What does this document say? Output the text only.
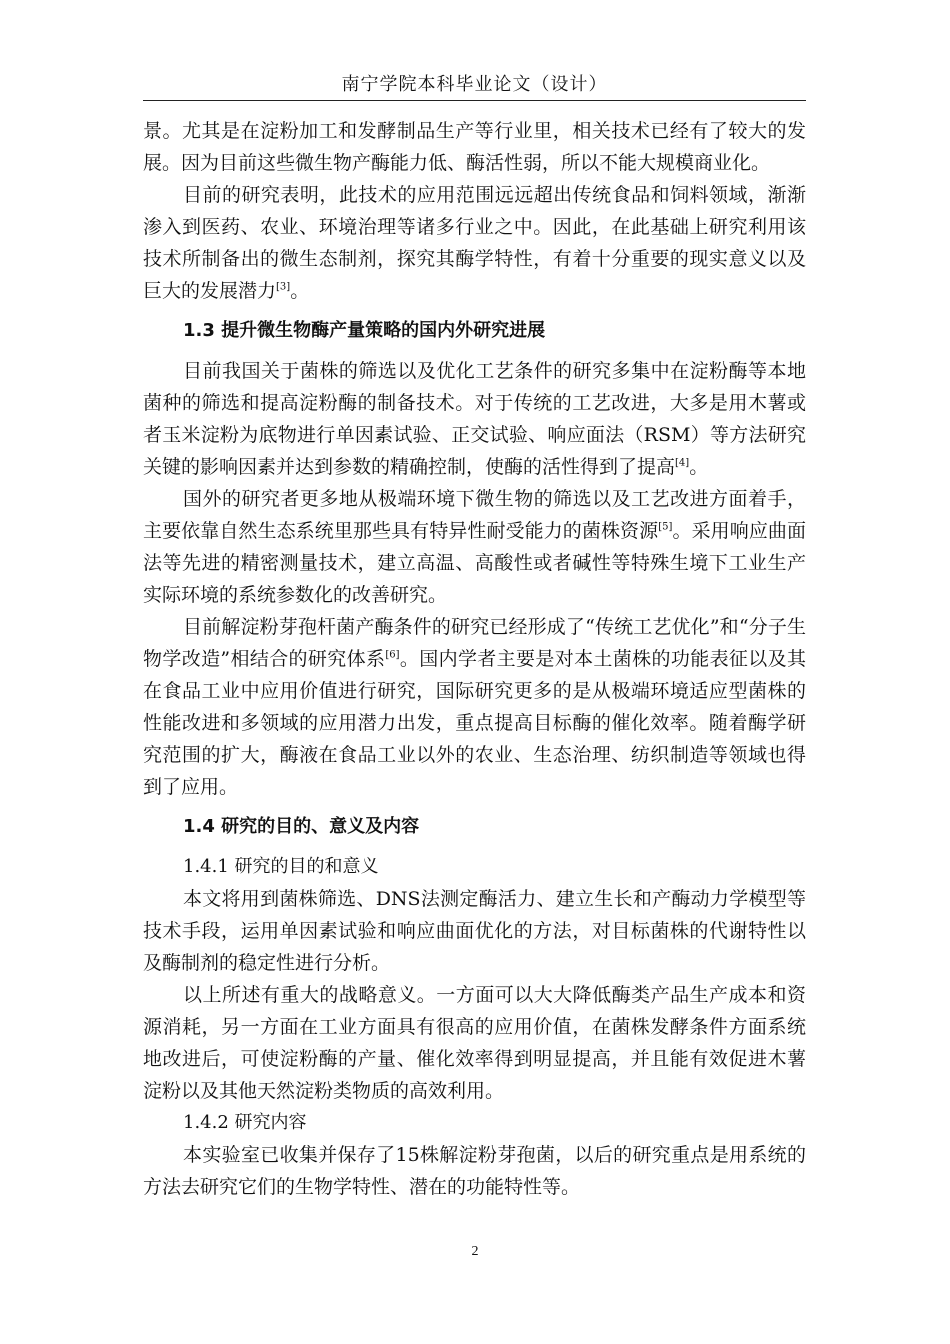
南宁学院本科毕业论文（设计）

景。尤其是在淀粉加工和发酵制品生产等行业里，相关技术已经有了较大的发展。因为目前这些微生物产酶能力低、酶活性弱，所以不能大规模商业化。

目前的研究表明，此技术的应用范围远远超出传统食品和饲料领域，渐渐渗入到医药、农业、环境治理等诸多行业之中。因此，在此基础上研究利用该技术所制备出的微生态制剂，探究其酶学特性，有着十分重要的现实意义以及巨大的发展潜力[3]。

1.3 提升微生物酶产量策略的国内外研究进展

目前我国关于菌株的筛选以及优化工艺条件的研究多集中在淀粉酶等本地菌种的筛选和提高淀粉酶的制备技术。对于传统的工艺改进，大多是用木薯或者玉米淀粉为底物进行单因素试验、正交试验、响应面法（RSM）等方法研究关键的影响因素并达到参数的精确控制，使酶的活性得到了提高[4]。

国外的研究者更多地从极端环境下微生物的筛选以及工艺改进方面着手，主要依靠自然生态系统里那些具有特异性耐受能力的菌株资源[5]。采用响应曲面法等先进的精密测量技术，建立高温、高酸性或者碱性等特殊生境下工业生产实际环境的系统参数化的改善研究。

目前解淀粉芽孢杆菌产酶条件的研究已经形成了“传统工艺优化”和“分子生物学改造”相结合的研究体系[6]。国内学者主要是对本土菌株的功能表征以及其在食品工业中应用价值进行研究，国际研究更多的是从极端环境适应型菌株的性能改进和多领域的应用潜力出发，重点提高目标酶的催化效率。随着酶学研究范围的扩大，酶液在食品工业以外的农业、生态治理、纺织制造等领域也得到了应用。

1.4 研究的目的、意义及内容
1.4.1 研究的目的和意义

本文将用到菌株筛选、DNS法测定酶活力、建立生长和产酶动力学模型等技术手段，运用单因素试验和响应曲面优化的方法，对目标菌株的代谢特性以及酶制剂的稳定性进行分析。

以上所述有重大的战略意义。一方面可以大大降低酶类产品生产成本和资源消耗，另一方面在工业方面具有很高的应用价值，在菌株发酵条件方面系统地改进后，可使淀粉酶的产量、催化效率得到明显提高，并且能有效促进木薯淀粉以及其他天然淀粉类物质的高效利用。

1.4.2 研究内容

本实验室已收集并保存了15株解淀粉芽孢菌，以后的研究重点是用系统的方法去研究它们的生物学特性、潜在的功能特性等。

2
